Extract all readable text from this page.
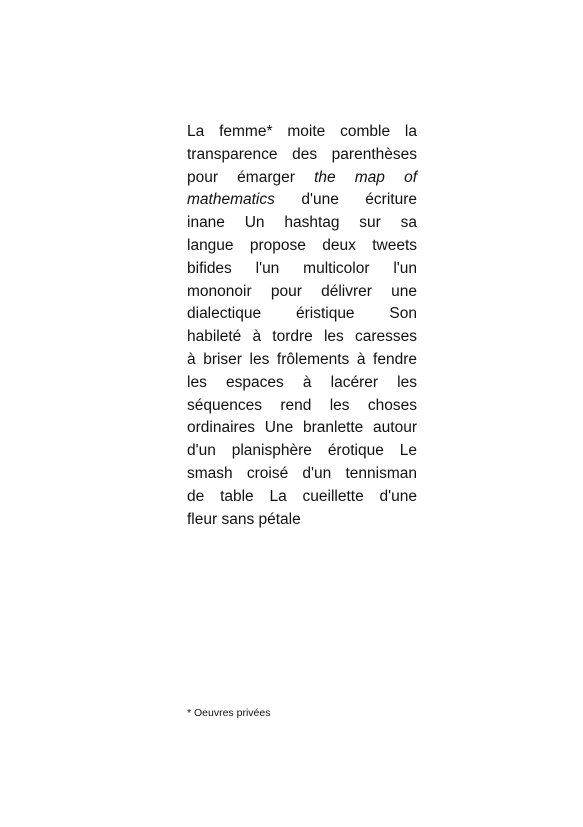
La femme* moite comble la
transparence des parenthèses
pour émarger the map of
mathematics d'une écriture
inane Un hashtag sur sa
langue propose deux tweets
bifides l'un multicolor l'un
mononoir pour délivrer une
dialectique éristique Son
habileté à tordre les caresses
à briser les frôlements à fendre
les espaces à lacérer les
séquences rend les choses
ordinaires Une branlette autour
d'un planisphère érotique Le
smash croisé d'un tennisman
de table La cueillette d'une
fleur sans pétale

* Oeuvres privées
